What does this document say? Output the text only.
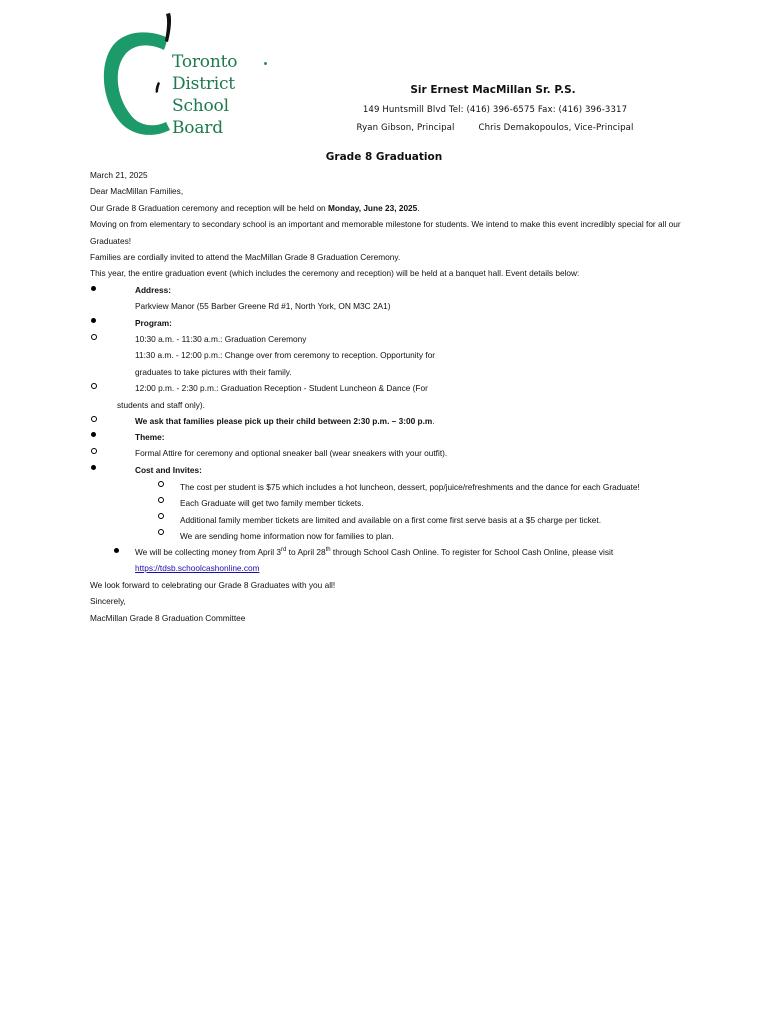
Toronto
District
School
Board
Sir Ernest MacMillan Sr. P.S.
149 Huntsmill Blvd Tel: (416) 396-6575 Fax: (416) 396-3317
Ryan Gibson, Principal	Chris Demakopoulos, Vice-Principal
Grade 8 Graduation
March 21, 2025
Dear MacMillan Families,
Our Grade 8 Graduation ceremony and reception will be held on Monday, June 23, 2025.
Moving on from elementary to secondary school is an important and memorable milestone for students. We intend to make this event incredibly special for all our
Graduates!
Families are cordially invited to attend the MacMillan Grade 8 Graduation Ceremony.
This year, the entire graduation event (which includes the ceremony and reception) will be held at a banquet hall. Event details below:
Address:
Parkview Manor (55 Barber Greene Rd #1, North York, ON M3C 2A1)
Program:
10:30 a.m. - 11:30 a.m.: Graduation Ceremony
11:30 a.m. - 12:00 p.m.: Change over from ceremony to reception. Opportunity for
graduates to take pictures with their family.
12:00 p.m. - 2:30 p.m.: Graduation Reception - Student Luncheon & Dance (For
students and staff only).
We ask that families please pick up their child between 2:30 p.m. – 3:00 p.m.
Theme:
Formal Attire for ceremony and optional sneaker ball (wear sneakers with your outfit).
Cost and Invites:
The cost per student is $75 which includes a hot luncheon, dessert, pop/juice/refreshments and the dance for each Graduate!
Each Graduate will get two family member tickets.
Additional family member tickets are limited and available on a first come first serve basis at a $5 charge per ticket.
We are sending home information now for families to plan.
We will be collecting money from April 3rd to April 28th through School Cash Online. To register for School Cash Online, please visit
https://tdsb.schoolcashonline.com
We look forward to celebrating our Grade 8 Graduates with you all!
Sincerely,
MacMillan Grade 8 Graduation Committee
